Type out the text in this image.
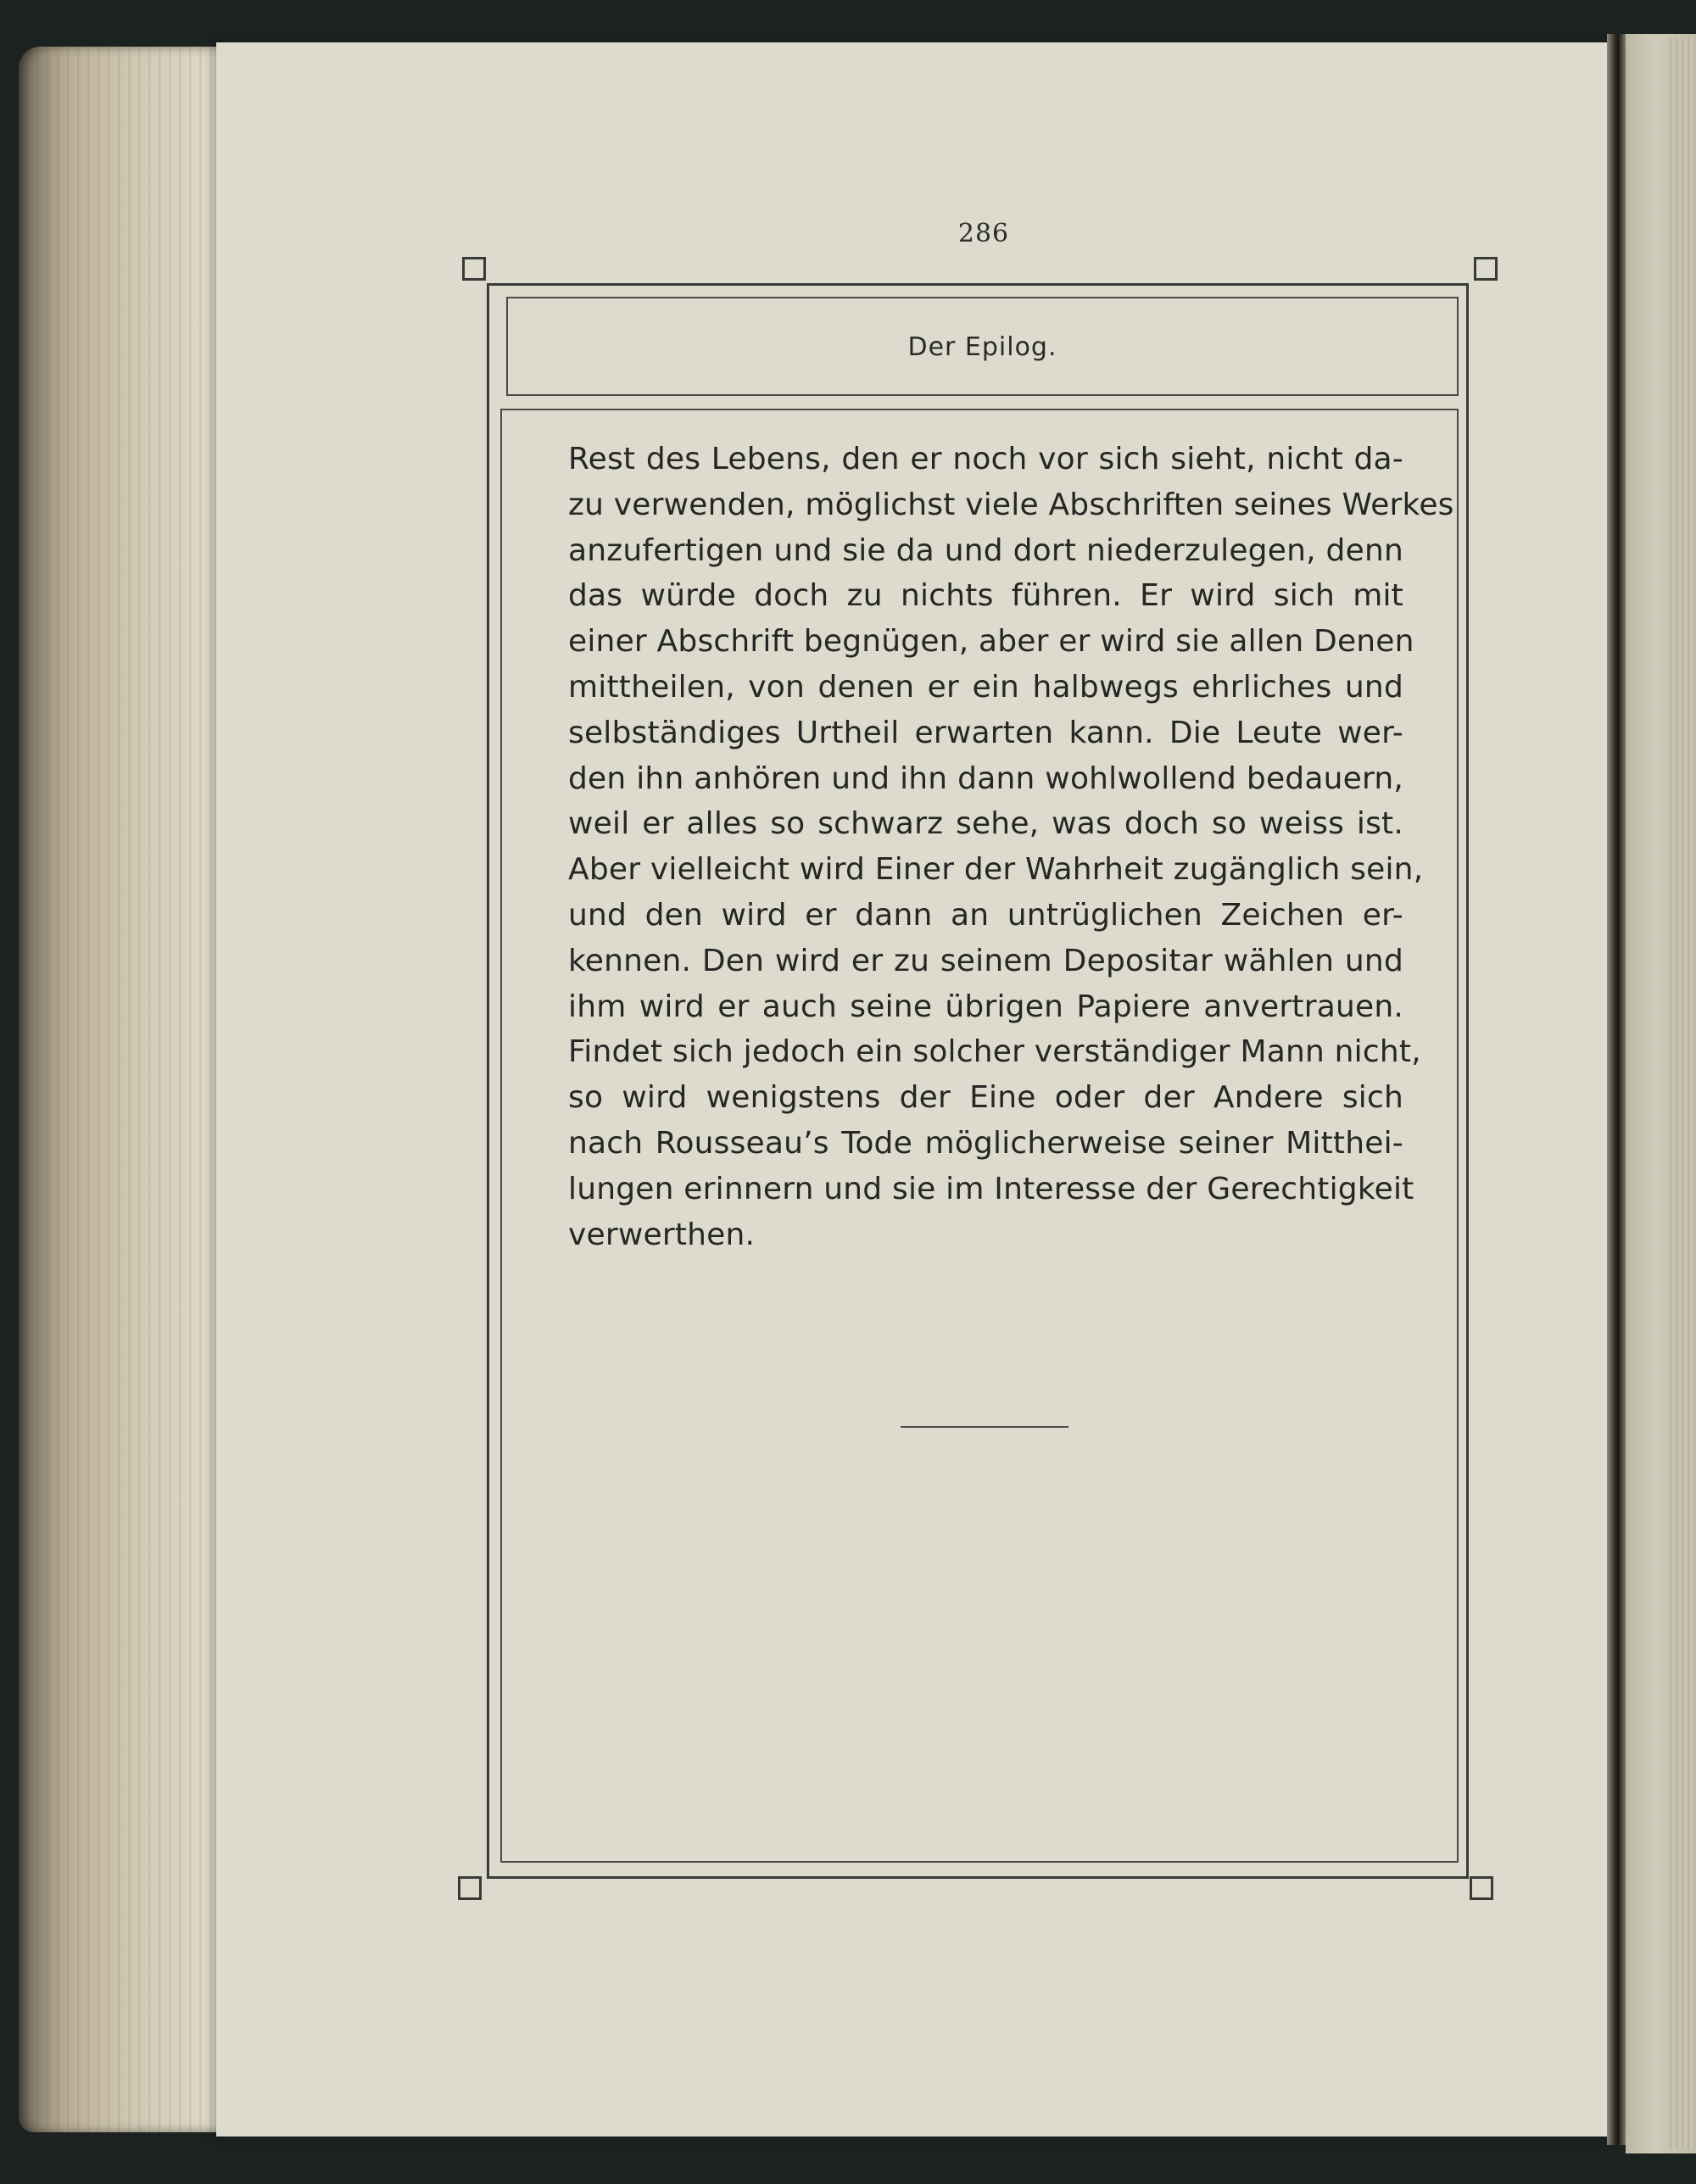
286
Der Epilog.
Rest des Lebens, den er noch vor sich sieht, nicht da-
zu verwenden, möglichst viele Abschriften seines Werkes
anzufertigen und sie da und dort niederzulegen, denn
das würde doch zu nichts führen. Er wird sich mit
einer Abschrift begnügen, aber er wird sie allen Denen
mittheilen, von denen er ein halbwegs ehrliches und
selbständiges Urtheil erwarten kann. Die Leute wer-
den ihn anhören und ihn dann wohlwollend bedauern,
weil er alles so schwarz sehe, was doch so weiss ist.
Aber vielleicht wird Einer der Wahrheit zugänglich sein,
und den wird er dann an untrüglichen Zeichen er-
kennen. Den wird er zu seinem Depositar wählen und
ihm wird er auch seine übrigen Papiere anvertrauen.
Findet sich jedoch ein solcher verständiger Mann nicht,
so wird wenigstens der Eine oder der Andere sich
nach Rousseau’s Tode möglicherweise seiner Mitthei-
lungen erinnern und sie im Interesse der Gerechtigkeit
verwerthen.
